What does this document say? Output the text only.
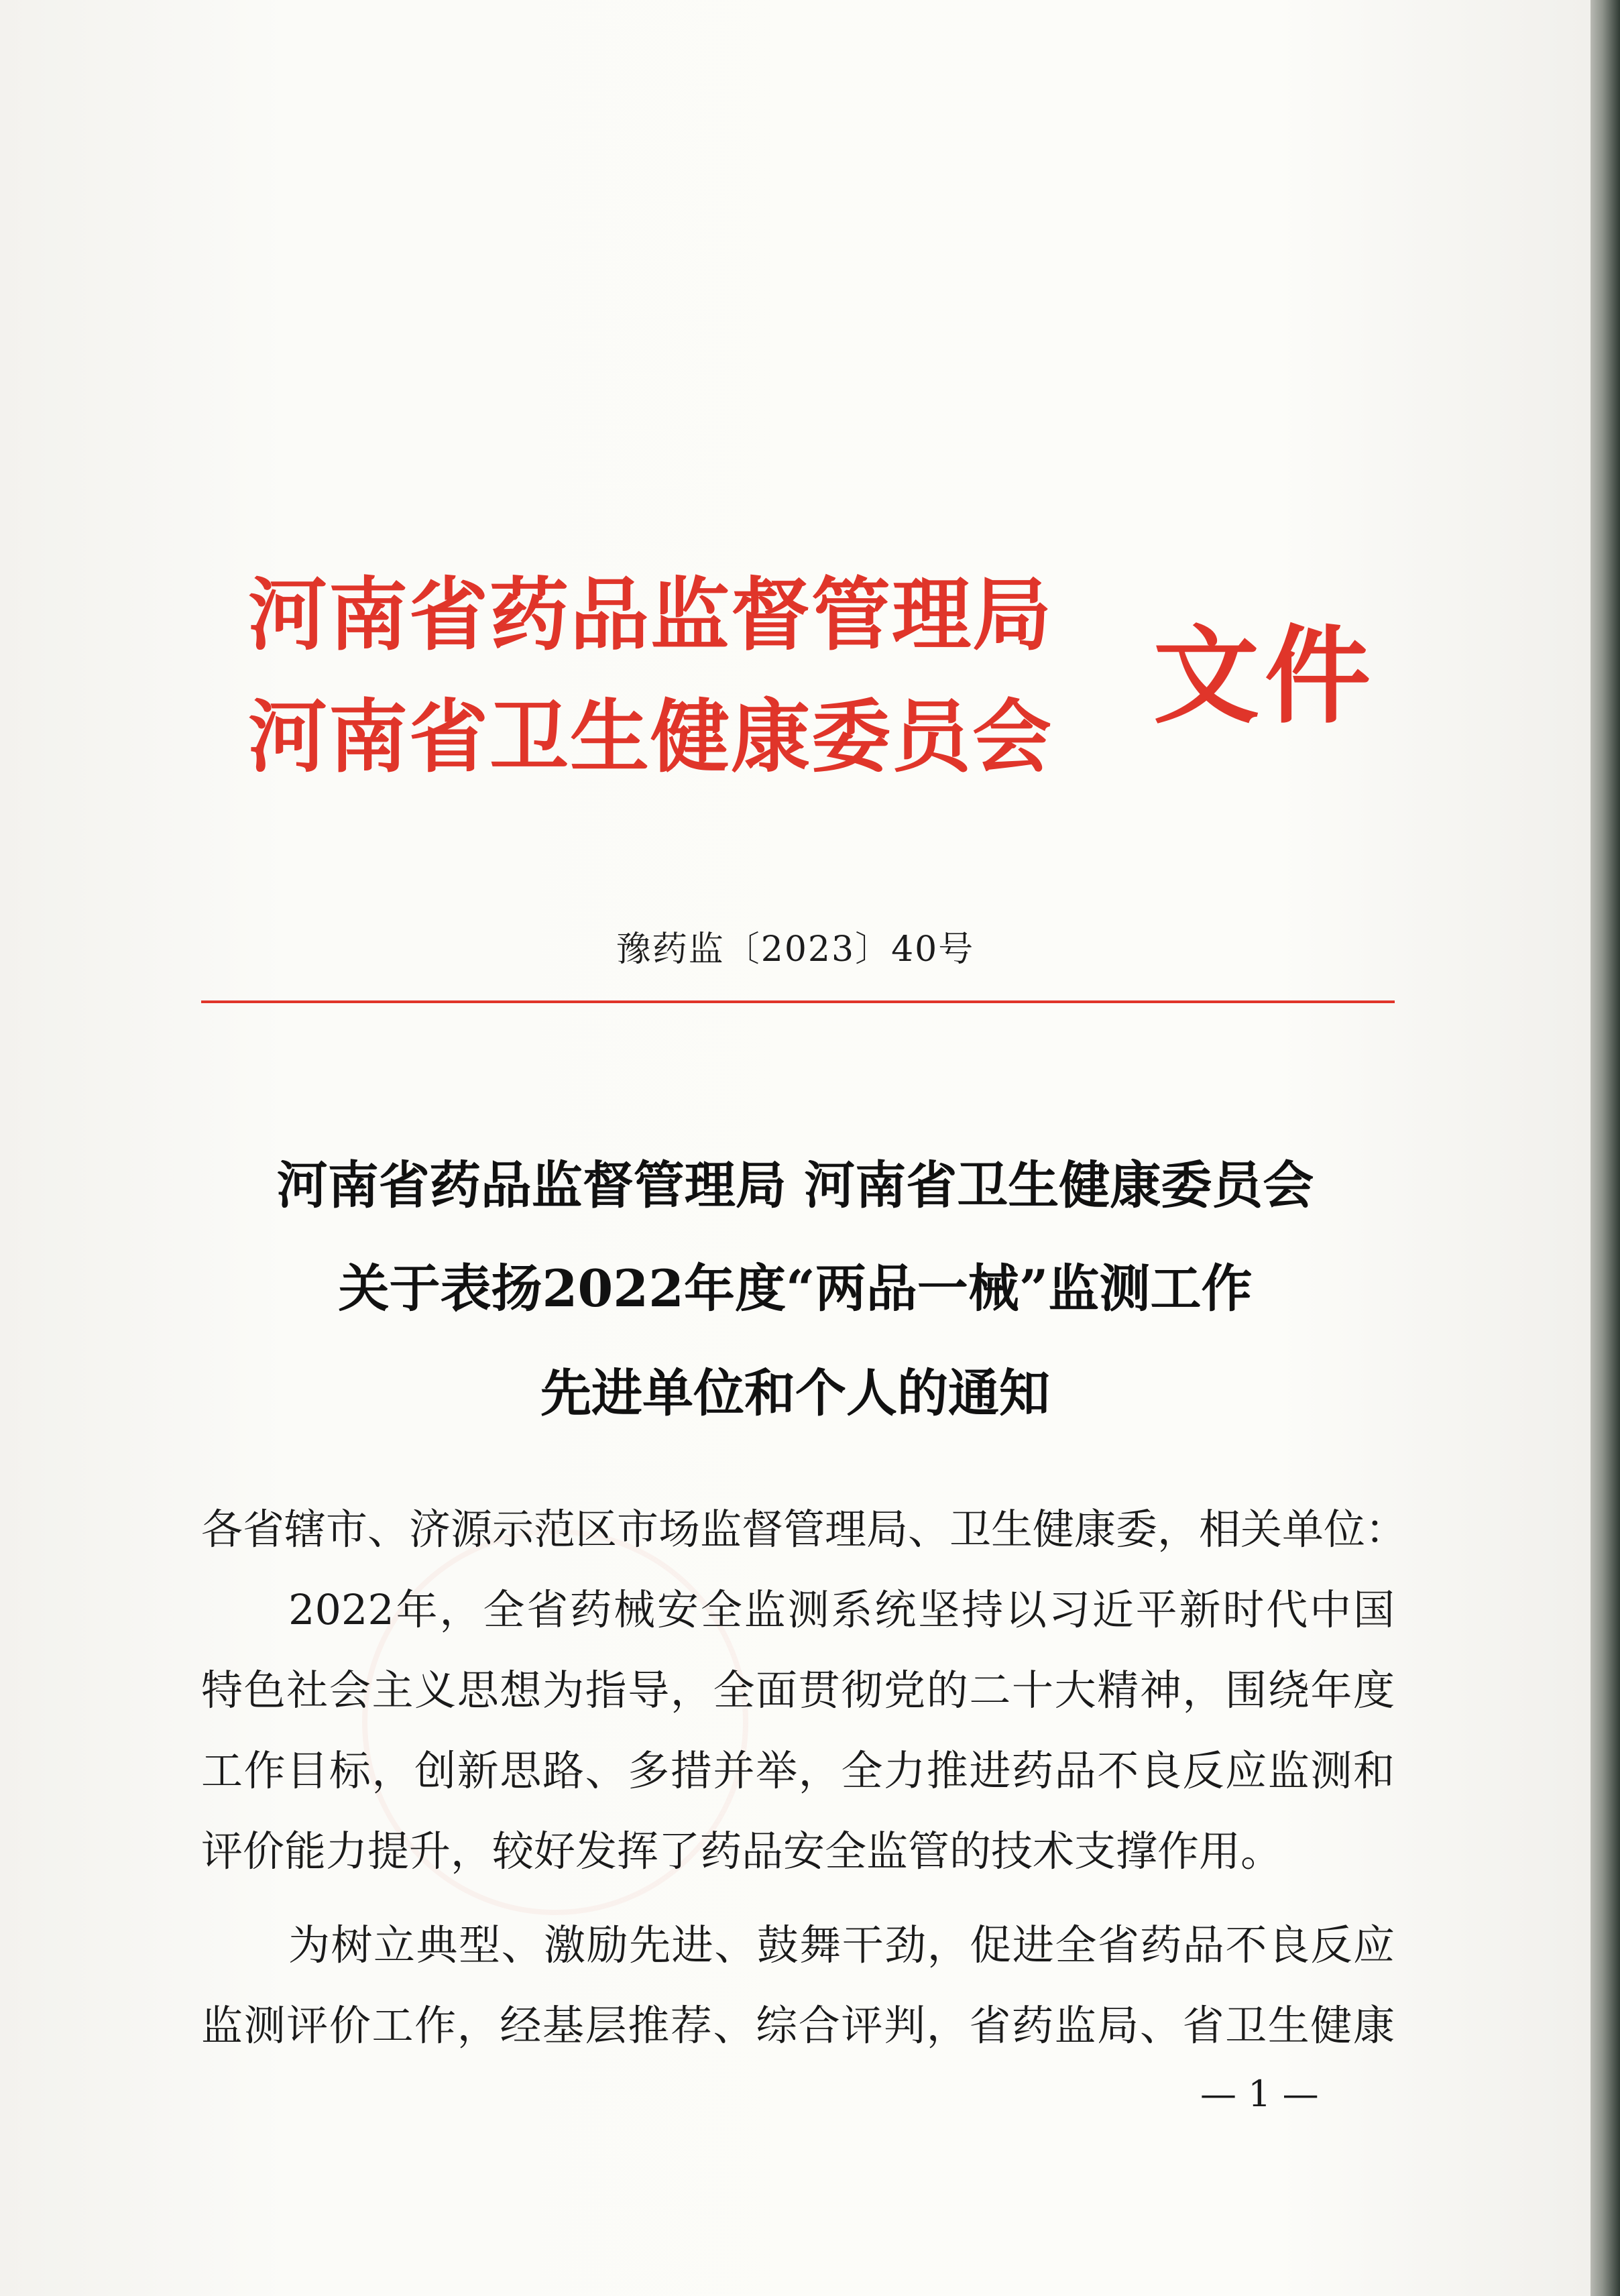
河南省药品监督管理局
河南省卫生健康委员会 文件
豫药监〔2023〕40号
河南省药品监督管理局 河南省卫生健康委员会
关于表扬2022年度“两品一械”监测工作
先进单位和个人的通知
各省辖市、济源示范区市场监督管理局、卫生健康委，相关单位：
2022年，全省药械安全监测系统坚持以习近平新时代中国
特色社会主义思想为指导，全面贯彻党的二十大精神，围绕年度
工作目标，创新思路、多措并举，全力推进药品不良反应监测和
评价能力提升，较好发挥了药品安全监管的技术支撑作用。
为树立典型、激励先进、鼓舞干劲，促进全省药品不良反应
监测评价工作，经基层推荐、综合评判，省药监局、省卫生健康
— 1 —
